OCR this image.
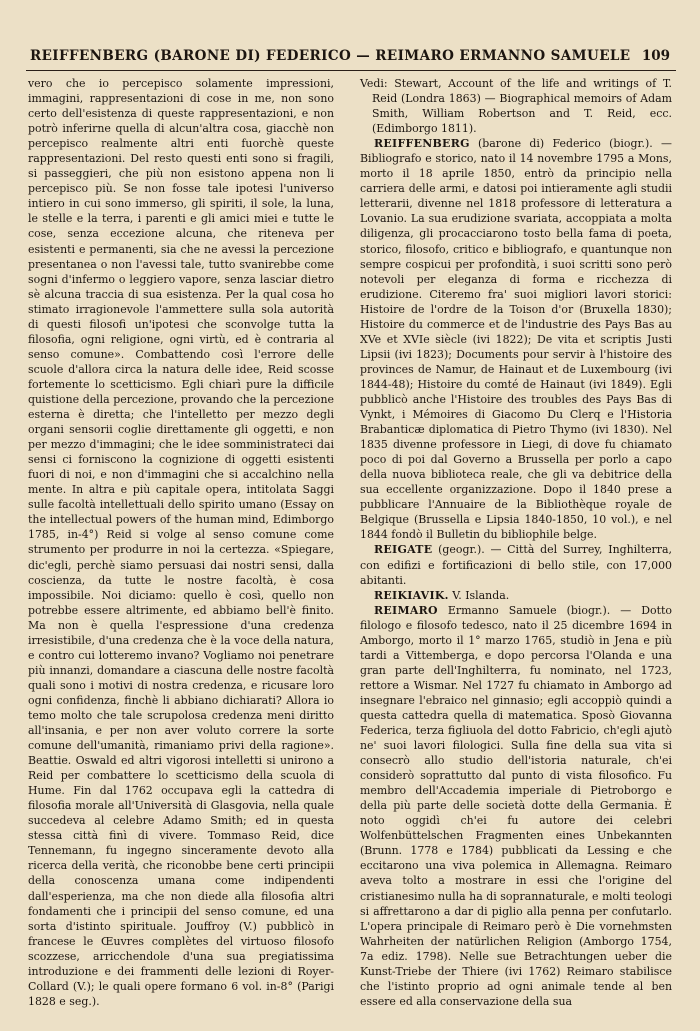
REIFFENBERG (BARONE DI) FEDERICO — REIMARO ERMANNO SAMUELE 109

vero che io percepisco solamente impressioni, immagini, rappresentazioni di cose in me, non sono certo dell'esistenza di queste rappresentazioni, e non potrò inferirne quella di alcun'altra cosa, giacchè non percepisco realmente altri enti fuorchè queste rappresentazioni. Del resto questi enti sono si fragili, si passeggieri, che più non esistono appena non li percepisco più. Se non fosse tale ipotesi l'universo intiero in cui sono immerso, gli spiriti, il sole, la luna, le stelle e la terra, i parenti e gli amici miei e tutte le cose, senza eccezione alcuna, che riteneva per esistenti e permanenti, sia che ne avessi la percezione presentanea o non l'avessi tale, tutto svanirebbe come sogni d'infermo o leggiero vapore, senza lasciar dietro sè alcuna traccia di sua esistenza. Per la qual cosa ho stimato irragionevole l'ammettere sulla sola autorità di questi filosofi un'ipotesi che sconvolge tutta la filosofia, ogni religione, ogni virtù, ed è contraria al senso comune». Combattendo così l'errore delle scuole d'allora circa la natura delle idee, Reid scosse fortemente lo scetticismo. Egli chiarì pure la difficile quistione della percezione, provando che la percezione esterna è diretta; che l'intelletto per mezzo degli organi sensorii coglie direttamente gli oggetti, e non per mezzo d'immagini; che le idee somministrateci dai sensi ci forniscono la cognizione di oggetti esistenti fuori di noi, e non d'immagini che si accalchino nella mente. In altra e più capitale opera, intitolata Saggi sulle facoltà intellettuali dello spirito umano (Essay on the intellectual powers of the human mind, Edimborgo 1785, in-4°) Reid si volge al senso comune come strumento per produrre in noi la certezza. «Spiegare, dic'egli, perchè siamo persuasi dai nostri sensi, dalla coscienza, da tutte le nostre facoltà, è cosa impossibile. Noi diciamo: quello è così, quello non potrebbe essere altrimente, ed abbiamo bell'è finito. Ma non è quella l'espressione d'una credenza irresistibile, d'una credenza che è la voce della natura, e contro cui lotteremo invano? Vogliamo noi penetrare più innanzi, domandare a ciascuna delle nostre facoltà quali sono i motivi di nostra credenza, e ricusare loro ogni confidenza, finchè li abbiano dichiarati? Allora io temo molto che tale scrupolosa credenza meni diritto all'insania, e per non aver voluto correre la sorte comune dell'umanità, rimaniamo privi della ragione». Beattie. Oswald ed altri vigorosi intelletti si unirono a Reid per combattere lo scetticismo della scuola di Hume. Fin dal 1762 occupava egli la cattedra di filosofia morale all'Università di Glasgovia, nella quale succedeva al celebre Adamo Smith; ed in questa stessa città finì di vivere. Tommaso Reid, dice Tennemann, fu ingegno sinceramente devoto alla ricerca della verità, che riconobbe bene certi principii della conoscenza umana come indipendenti dall'esperienza, ma che non diede alla filosofia altri fondamenti che i principii del senso comune, ed una sorta d'istinto spirituale. Jouffroy (V.) pubblicò in francese le Œuvres complètes del virtuoso filosofo scozzese, arricchendole d'una sua pregiatissima introduzione e dei frammenti delle lezioni di Royer-Collard (V.); le quali opere formano 6 vol. in-8° (Parigi 1828 e seg.).

Vedi: Stewart, Account of the life and writings of T. Reid (Londra 1863) — Biographical memoirs of Adam Smith, William Robertson and T. Reid, ecc. (Edimborgo 1811).

REIFFENBERG (barone di) Federico (biogr.). — Bibliografo e storico, nato il 14 novembre 1795 a Mons, morto il 18 aprile 1850, entrò da principio nella carriera delle armi, e datosi poi intieramente agli studii letterarii, divenne nel 1818 professore di letteratura a Lovanio. La sua erudizione svariata, accoppiata a molta diligenza, gli procacciarono tosto bella fama di poeta, storico, filosofo, critico e bibliografo, e quantunque non sempre cospicui per profondità, i suoi scritti sono però notevoli per eleganza di forma e ricchezza di erudizione. Citeremo fra' suoi migliori lavori storici: Histoire de l'ordre de la Toison d'or (Bruxella 1830); Histoire du commerce et de l'industrie des Pays Bas au XVe et XVIe siècle (ivi 1822); De vita et scriptis Justi Lipsii (ivi 1823); Documents pour servir à l'histoire des provinces de Namur, de Hainaut et de Luxembourg (ivi 1844-48); Histoire du comté de Hainaut (ivi 1849). Egli pubblicò anche l'Histoire des troubles des Pays Bas di Vynkt, i Mémoires di Giacomo Du Clerq e l'Historia Brabanticæ diplomatica di Pietro Thymo (ivi 1830). Nel 1835 divenne professore in Liegi, di dove fu chiamato poco di poi dal Governo a Brussella per porlo a capo della nuova biblioteca reale, che gli va debitrice della sua eccellente organizzazione. Dopo il 1840 prese a pubblicare l'Annuaire de la Bibliothèque royale de Belgique (Brussella e Lipsia 1840-1850, 10 vol.), e nel 1844 fondò il Bulletin du bibliophile belge.

REIGATE (geogr.). — Città del Surrey, Inghilterra, con edifizi e fortificazioni di bello stile, con 17,000 abitanti.

REIKIAVIK. V. Islanda.

REIMARO Ermanno Samuele (biogr.). — Dotto filologo e filosofo tedesco, nato il 25 dicembre 1694 in Amborgo, morto il 1° marzo 1765, studiò in Jena e più tardi a Vittemberga, e dopo percorsa l'Olanda e una gran parte dell'Inghilterra, fu nominato, nel 1723, rettore a Wismar. Nel 1727 fu chiamato in Amborgo ad insegnare l'ebraico nel ginnasio; egli accoppiò quindi a questa cattedra quella di matematica. Sposò Giovanna Federica, terza figliuola del dotto Fabricio, ch'egli ajutò ne' suoi lavori filologici. Sulla fine della sua vita si consecrò allo studio dell'istoria naturale, ch'ei considerò soprattutto dal punto di vista filosofico. Fu membro dell'Accademia imperiale di Pietroborgo e della più parte delle società dotte della Germania. È noto oggidì ch'ei fu autore dei celebri Wolfenbüttelschen Fragmenten eines Unbekannten (Brunn. 1778 e 1784) pubblicati da Lessing e che eccitarono una viva polemica in Allemagna. Reimaro aveva tolto a mostrare in essi che l'origine del cristianesimo nulla ha di soprannaturale, e molti teologi si affrettarono a dar di piglio alla penna per confutarlo. L'opera principale di Reimaro però è Die vornehmsten Wahrheiten der natürlichen Religion (Amborgo 1754, 7a ediz. 1798). Nelle sue Betrachtungen ueber die Kunst-Triebe der Thiere (ivi 1762) Reimaro stabilisce che l'istinto proprio ad ogni animale tende al ben essere ed alla conservazione della sua
